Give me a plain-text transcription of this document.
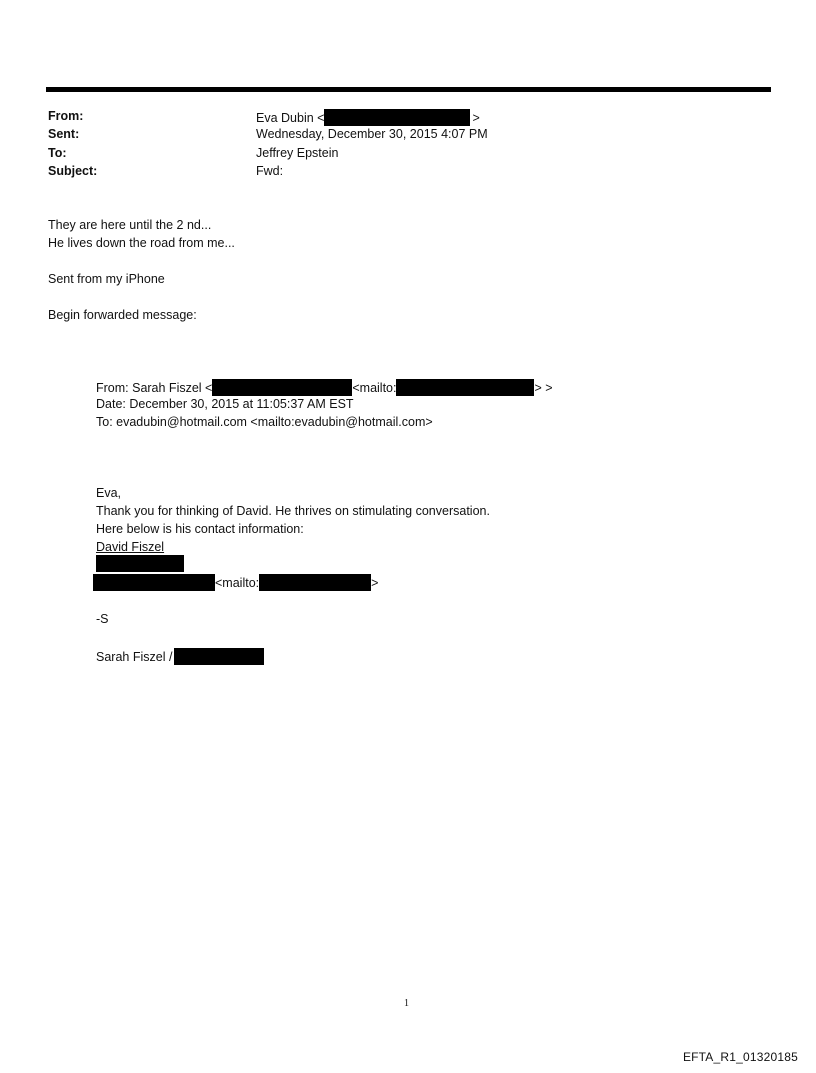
From:	Eva Dubin <	>
Sent:	Wednesday, December 30, 2015 4:07 PM
To:	Jeffrey Epstein
Subject:	Fwd:
They are here until the 2 nd...
He lives down the road from me...
Sent from my iPhone
Begin forwarded message:
From: Sarah Fiszel <	<mailto:	> >
Date: December 30, 2015 at 11:05:37 AM EST
To: evadubin@hotmail.com <mailto:evadubin@hotmail.com>
Eva,
Thank you for thinking of David. He thrives on stimulating conversation.
Here below is his contact information:
David Fiszel
<mailto:	>
-S
Sarah Fiszel /
1
EFTA_R1_01320185
